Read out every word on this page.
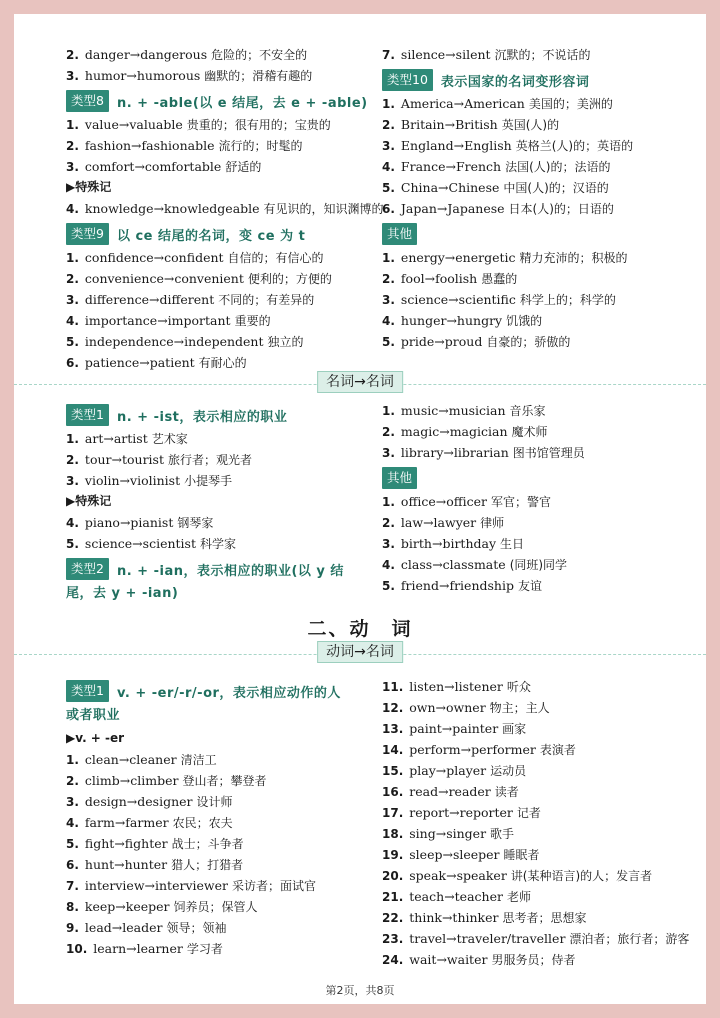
2. danger→dangerous 危险的；不安全的
3. humor→humorous 幽默的；滑稽有趣的
类型8	n. + -able(以 e 结尾，去 e + -able)
1. value→valuable 贵重的；很有用的；宝贵的
2. fashion→fashionable 流行的；时髦的
3. comfort→comfortable 舒适的
▶特殊记
4. knowledge→knowledgeable 有见识的，知识渊博的
类型9	以 ce 结尾的名词，变 ce 为 t
1. confidence→confident 自信的；有信心的
2. convenience→convenient 便利的；方便的
3. difference→different 不同的；有差异的
4. importance→important 重要的
5. independence→independent 独立的
6. patience→patient 有耐心的
7. silence→silent 沉默的；不说话的
类型10	表示国家的名词变形容词
1. America→American 美国的；美洲的
2. Britain→British 英国(人)的
3. England→English 英格兰(人)的；英语的
4. France→French 法国(人)的；法语的
5. China→Chinese 中国(人)的；汉语的
6. Japan→Japanese 日本(人)的；日语的
其他
1. energy→energetic 精力充沛的；积极的
2. fool→foolish 愚蠢的
3. science→scientific 科学上的；科学的
4. hunger→hungry 饥饿的
5. pride→proud 自豪的；骄傲的
名词→名词
类型1	n. + -ist，表示相应的职业
1. art→artist 艺术家
2. tour→tourist 旅行者；观光者
3. violin→violinist 小提琴手
▶特殊记
4. piano→pianist 钢琴家
5. science→scientist 科学家
类型2	n. + -ian，表示相应的职业(以 y 结
尾，去 y + -ian)
1. music→musician 音乐家
2. magic→magician 魔术师
3. library→librarian 图书馆管理员
其他
1. office→officer 军官；警官
2. law→lawyer 律师
3. birth→birthday 生日
4. class→classmate (同班)同学
5. friend→friendship 友谊
二、动　词
动词→名词
类型1	v. + -er/-r/-or，表示相应动作的人
或者职业
▶v. + -er
1. clean→cleaner 清洁工
2. climb→climber 登山者；攀登者
3. design→designer 设计师
4. farm→farmer 农民；农夫
5. fight→fighter 战士；斗争者
6. hunt→hunter 猎人；打猎者
7. interview→interviewer 采访者；面试官
8. keep→keeper 饲养员；保管人
9. lead→leader 领导；领袖
10. learn→learner 学习者
11. listen→listener 听众
12. own→owner 物主；主人
13. paint→painter 画家
14. perform→performer 表演者
15. play→player 运动员
16. read→reader 读者
17. report→reporter 记者
18. sing→singer 歌手
19. sleep→sleeper 睡眠者
20. speak→speaker 讲(某种语言)的人；发言者
21. teach→teacher 老师
22. think→thinker 思考者；思想家
23. travel→traveler/traveller 漂泊者；旅行者；游客
24. wait→waiter 男服务员；侍者
第2页，共8页
